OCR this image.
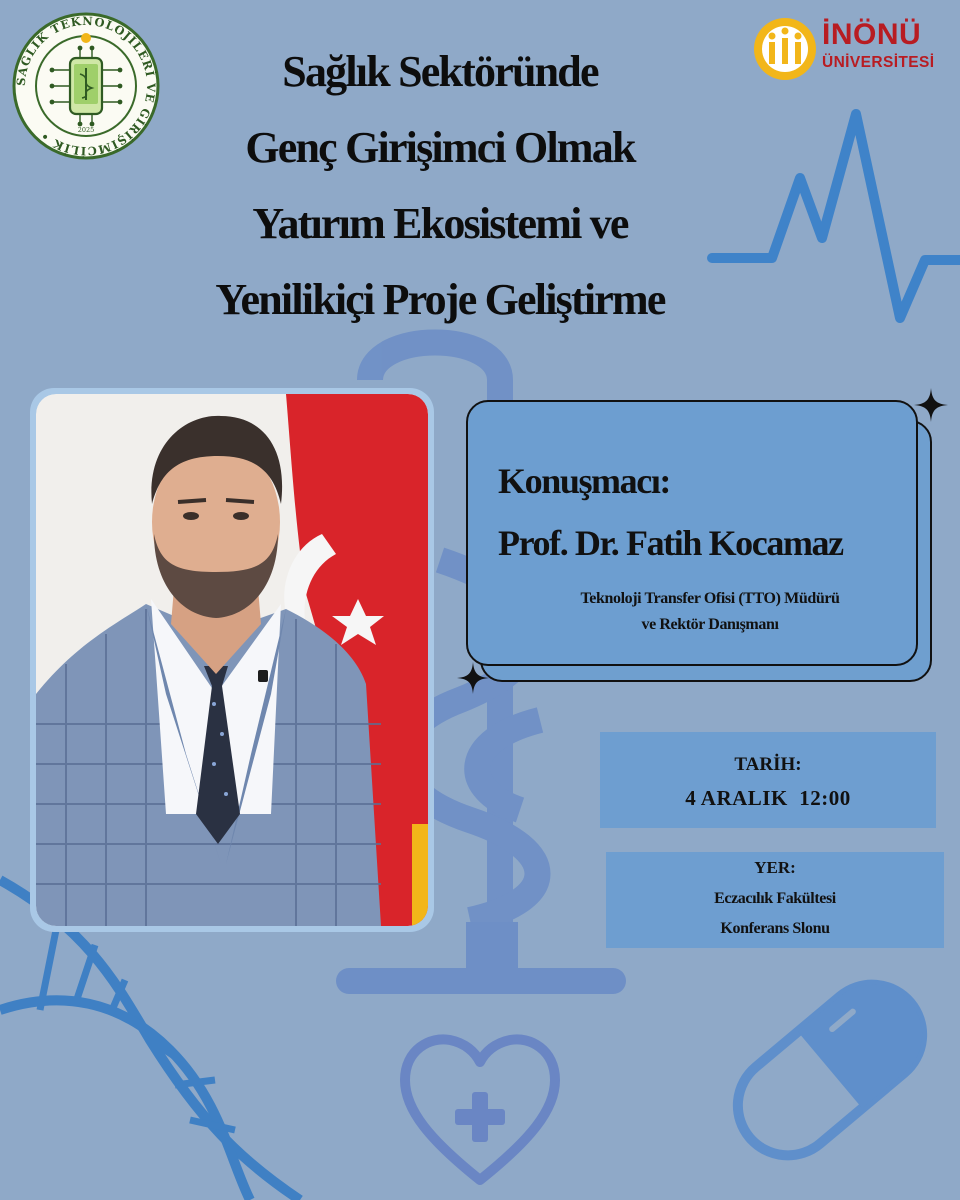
SAĞLIK TEKNOLOJİLERİ VE GİRİŞİMCİLİK •	2025
İNÖNÜ
ÜNİVERSİTESİ
Sağlık Sektöründe
Genç Girişimci Olmak
Yatırım Ekosistemi ve
Yenilikiçi Proje Geliştirme
Konuşmacı:
Prof. Dr. Fatih Kocamaz
Teknoloji Transfer Ofisi (TTO) Müdürü
ve Rektör Danışmanı
TARİH:
4 ARALIK  12:00
YER:
Eczacılık Fakültesi
Konferans Slonu
